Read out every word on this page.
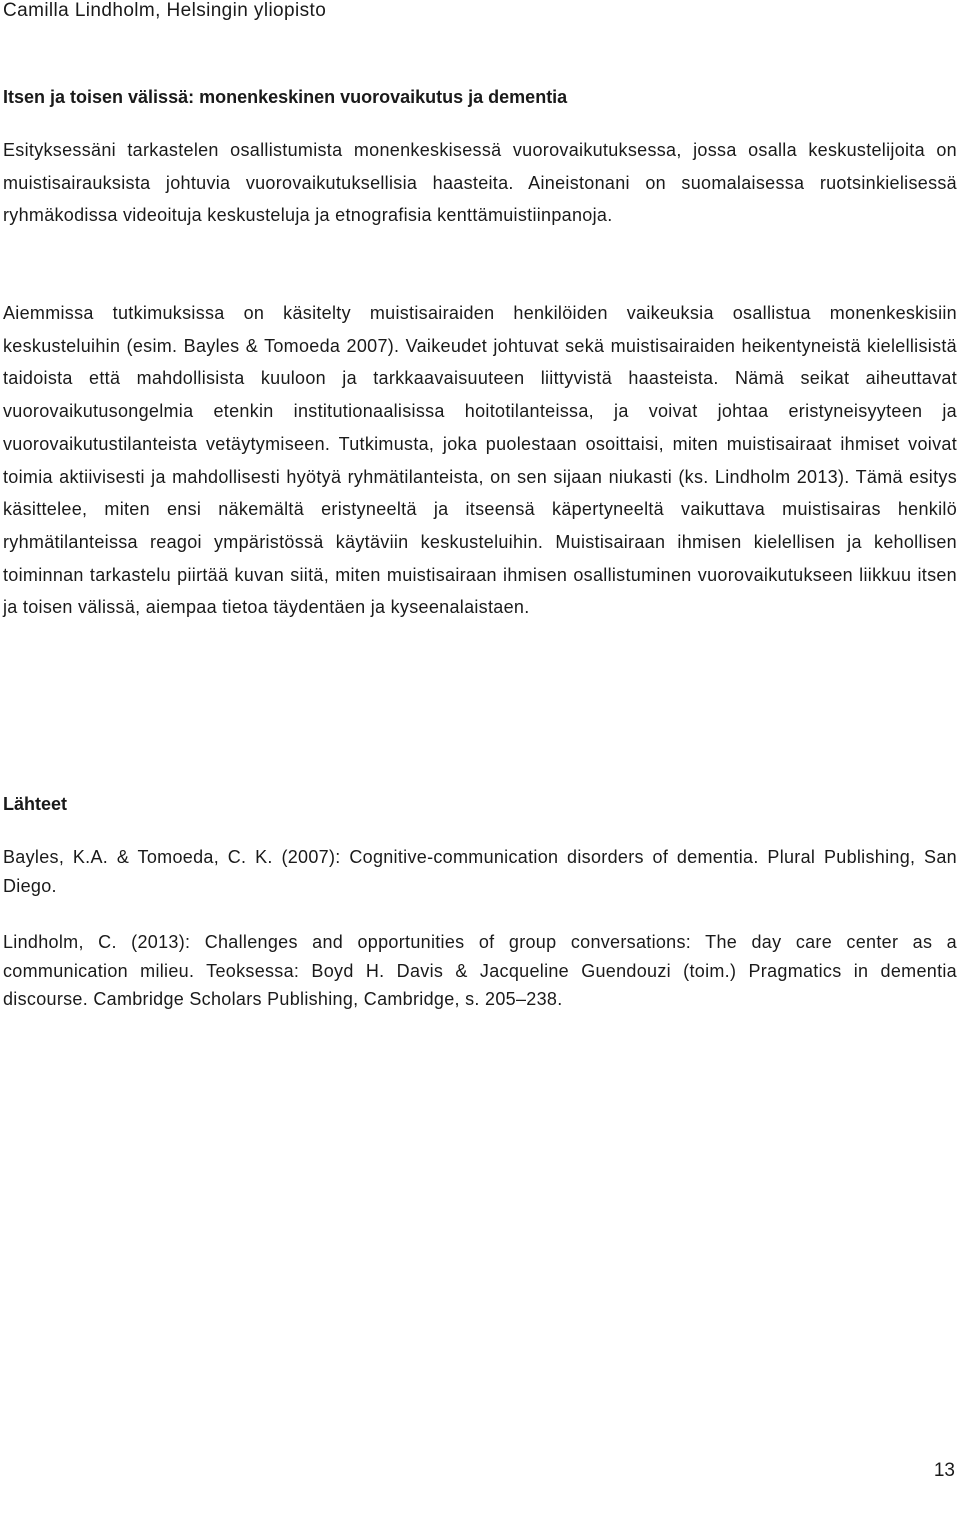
Camilla Lindholm, Helsingin yliopisto
Itsen ja toisen välissä: monenkeskinen vuorovaikutus ja dementia

Esityksessäni tarkastelen osallistumista monenkeskisessä vuorovaikutuksessa, jossa osalla keskustelijoita on muistisairauksista johtuvia vuorovaikutuksellisia haasteita. Aineistonani on suomalaisessa ruotsinkielisessä ryhmäkodissa videoituja keskusteluja ja etnografisia kenttämuistiinpanoja.

Aiemmissa tutkimuksissa on käsitelty muistisairaiden henkilöiden vaikeuksia osallistua monenkeskisiin keskusteluihin (esim. Bayles & Tomoeda 2007). Vaikeudet johtuvat sekä muistisairaiden heikentyneistä kielellisistä taidoista että mahdollisista kuuloon ja tarkkaavaisuuteen liittyvistä haasteista. Nämä seikat aiheuttavat vuorovaikutusongelmia etenkin institutionaalisissa hoitotilanteissa, ja voivat johtaa eristyneisyyteen ja vuorovaikutustilanteista vetäytymiseen. Tutkimusta, joka puolestaan osoittaisi, miten muistisairaat ihmiset voivat toimia aktiivisesti ja mahdollisesti hyötyä ryhmätilanteista, on sen sijaan niukasti (ks. Lindholm 2013). Tämä esitys käsittelee, miten ensi näkemältä eristyneeltä ja itseensä käpertyneeltä vaikuttava muistisairas henkilö ryhmätilanteissa reagoi ympäristössä käytäviin keskusteluihin. Muistisairaan ihmisen kielellisen ja kehollisen toiminnan tarkastelu piirtää kuvan siitä, miten muistisairaan ihmisen osallistuminen vuorovaikutukseen liikkuu itsen ja toisen välissä, aiempaa tietoa täydentäen ja kyseenalaistaen.

Lähteet

Bayles, K.A. & Tomoeda, C. K. (2007): Cognitive-communication disorders of dementia. Plural Publishing, San Diego.

Lindholm, C. (2013): Challenges and opportunities of group conversations: The day care center as a communication milieu. Teoksessa: Boyd H. Davis & Jacqueline Guendouzi (toim.) Pragmatics in dementia discourse. Cambridge Scholars Publishing, Cambridge, s. 205–238.

13
